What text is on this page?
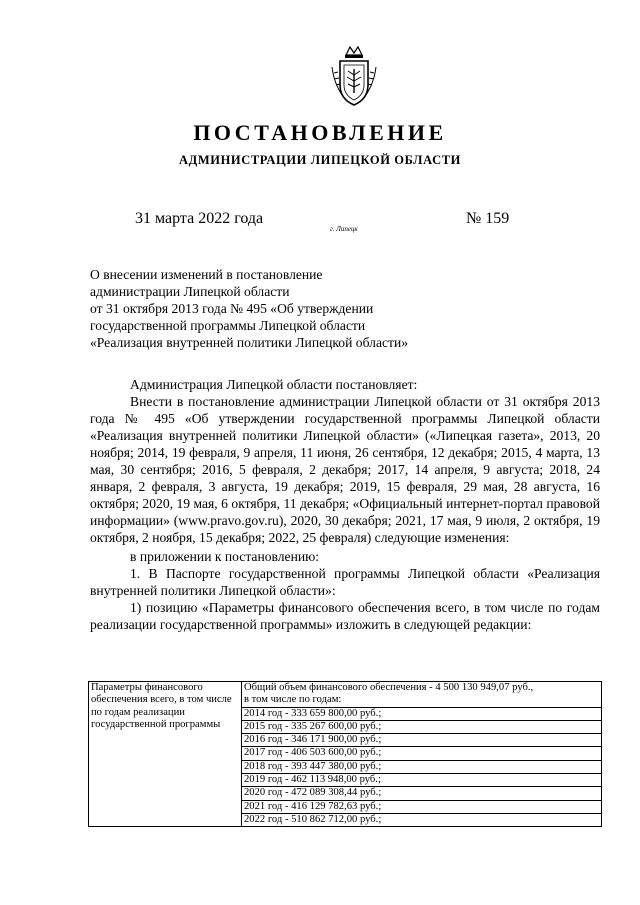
ПОСТАНОВЛЕНИЕ
АДМИНИСТРАЦИИ ЛИПЕЦКОЙ ОБЛАСТИ
31 марта 2022 года
г. Липецк
№ 159
О внесении изменений в постановление
администрации Липецкой области
от 31 октября 2013 года № 495 «Об утверждении
государственной программы Липецкой области
«Реализация внутренней политики Липецкой области»

Администрация Липецкой области постановляет:

Внести в постановление администрации Липецкой области от 31 октября 2013 года № 495 «Об утверждении государственной программы Липецкой области «Реализация внутренней политики Липецкой области» («Липецкая газета», 2013, 20 ноября; 2014, 19 февраля, 9 апреля, 11 июня, 26 сентября, 12 декабря; 2015, 4 марта, 13 мая, 30 сентября; 2016, 5 февраля, 2 декабря; 2017, 14 апреля, 9 августа; 2018, 24 января, 2 февраля, 3 августа, 19 декабря; 2019, 15 февраля, 29 мая, 28 августа, 16 октября; 2020, 19 мая, 6 октября, 11 декабря; «Официальный интернет-портал правовой информации» (www.pravo.gov.ru), 2020, 30 декабря; 2021, 17 мая, 9 июля, 2 октября, 19 октября, 2 ноября, 15 декабря; 2022, 25 февраля) следующие изменения:

в приложении к постановлению:

1. В Паспорте государственной программы Липецкой области «Реализация внутренней политики Липецкой области»:

1) позицию «Параметры финансового обеспечения всего, в том числе по годам реализации государственной программы» изложить в следующей редакции:

Параметры финансового обеспечения всего, в том числе по годам реализации государственной программы	
Общий объем финансового обеспечения - 4 500 130 949,07 руб.,
в том числе по годам:
2014 год - 333 659 800,00 руб.;
2015 год - 335 267 600,00 руб.;
2016 год - 346 171 900,00 руб.;
2017 год - 406 503 600,00 руб.;
2018 год - 393 447 380,00 руб.;
2019 год - 462 113 948,00 руб.;
2020 год - 472 089 308,44 руб.;
2021 год - 416 129 782,63 руб.;
2022 год - 510 862 712,00 руб.;
